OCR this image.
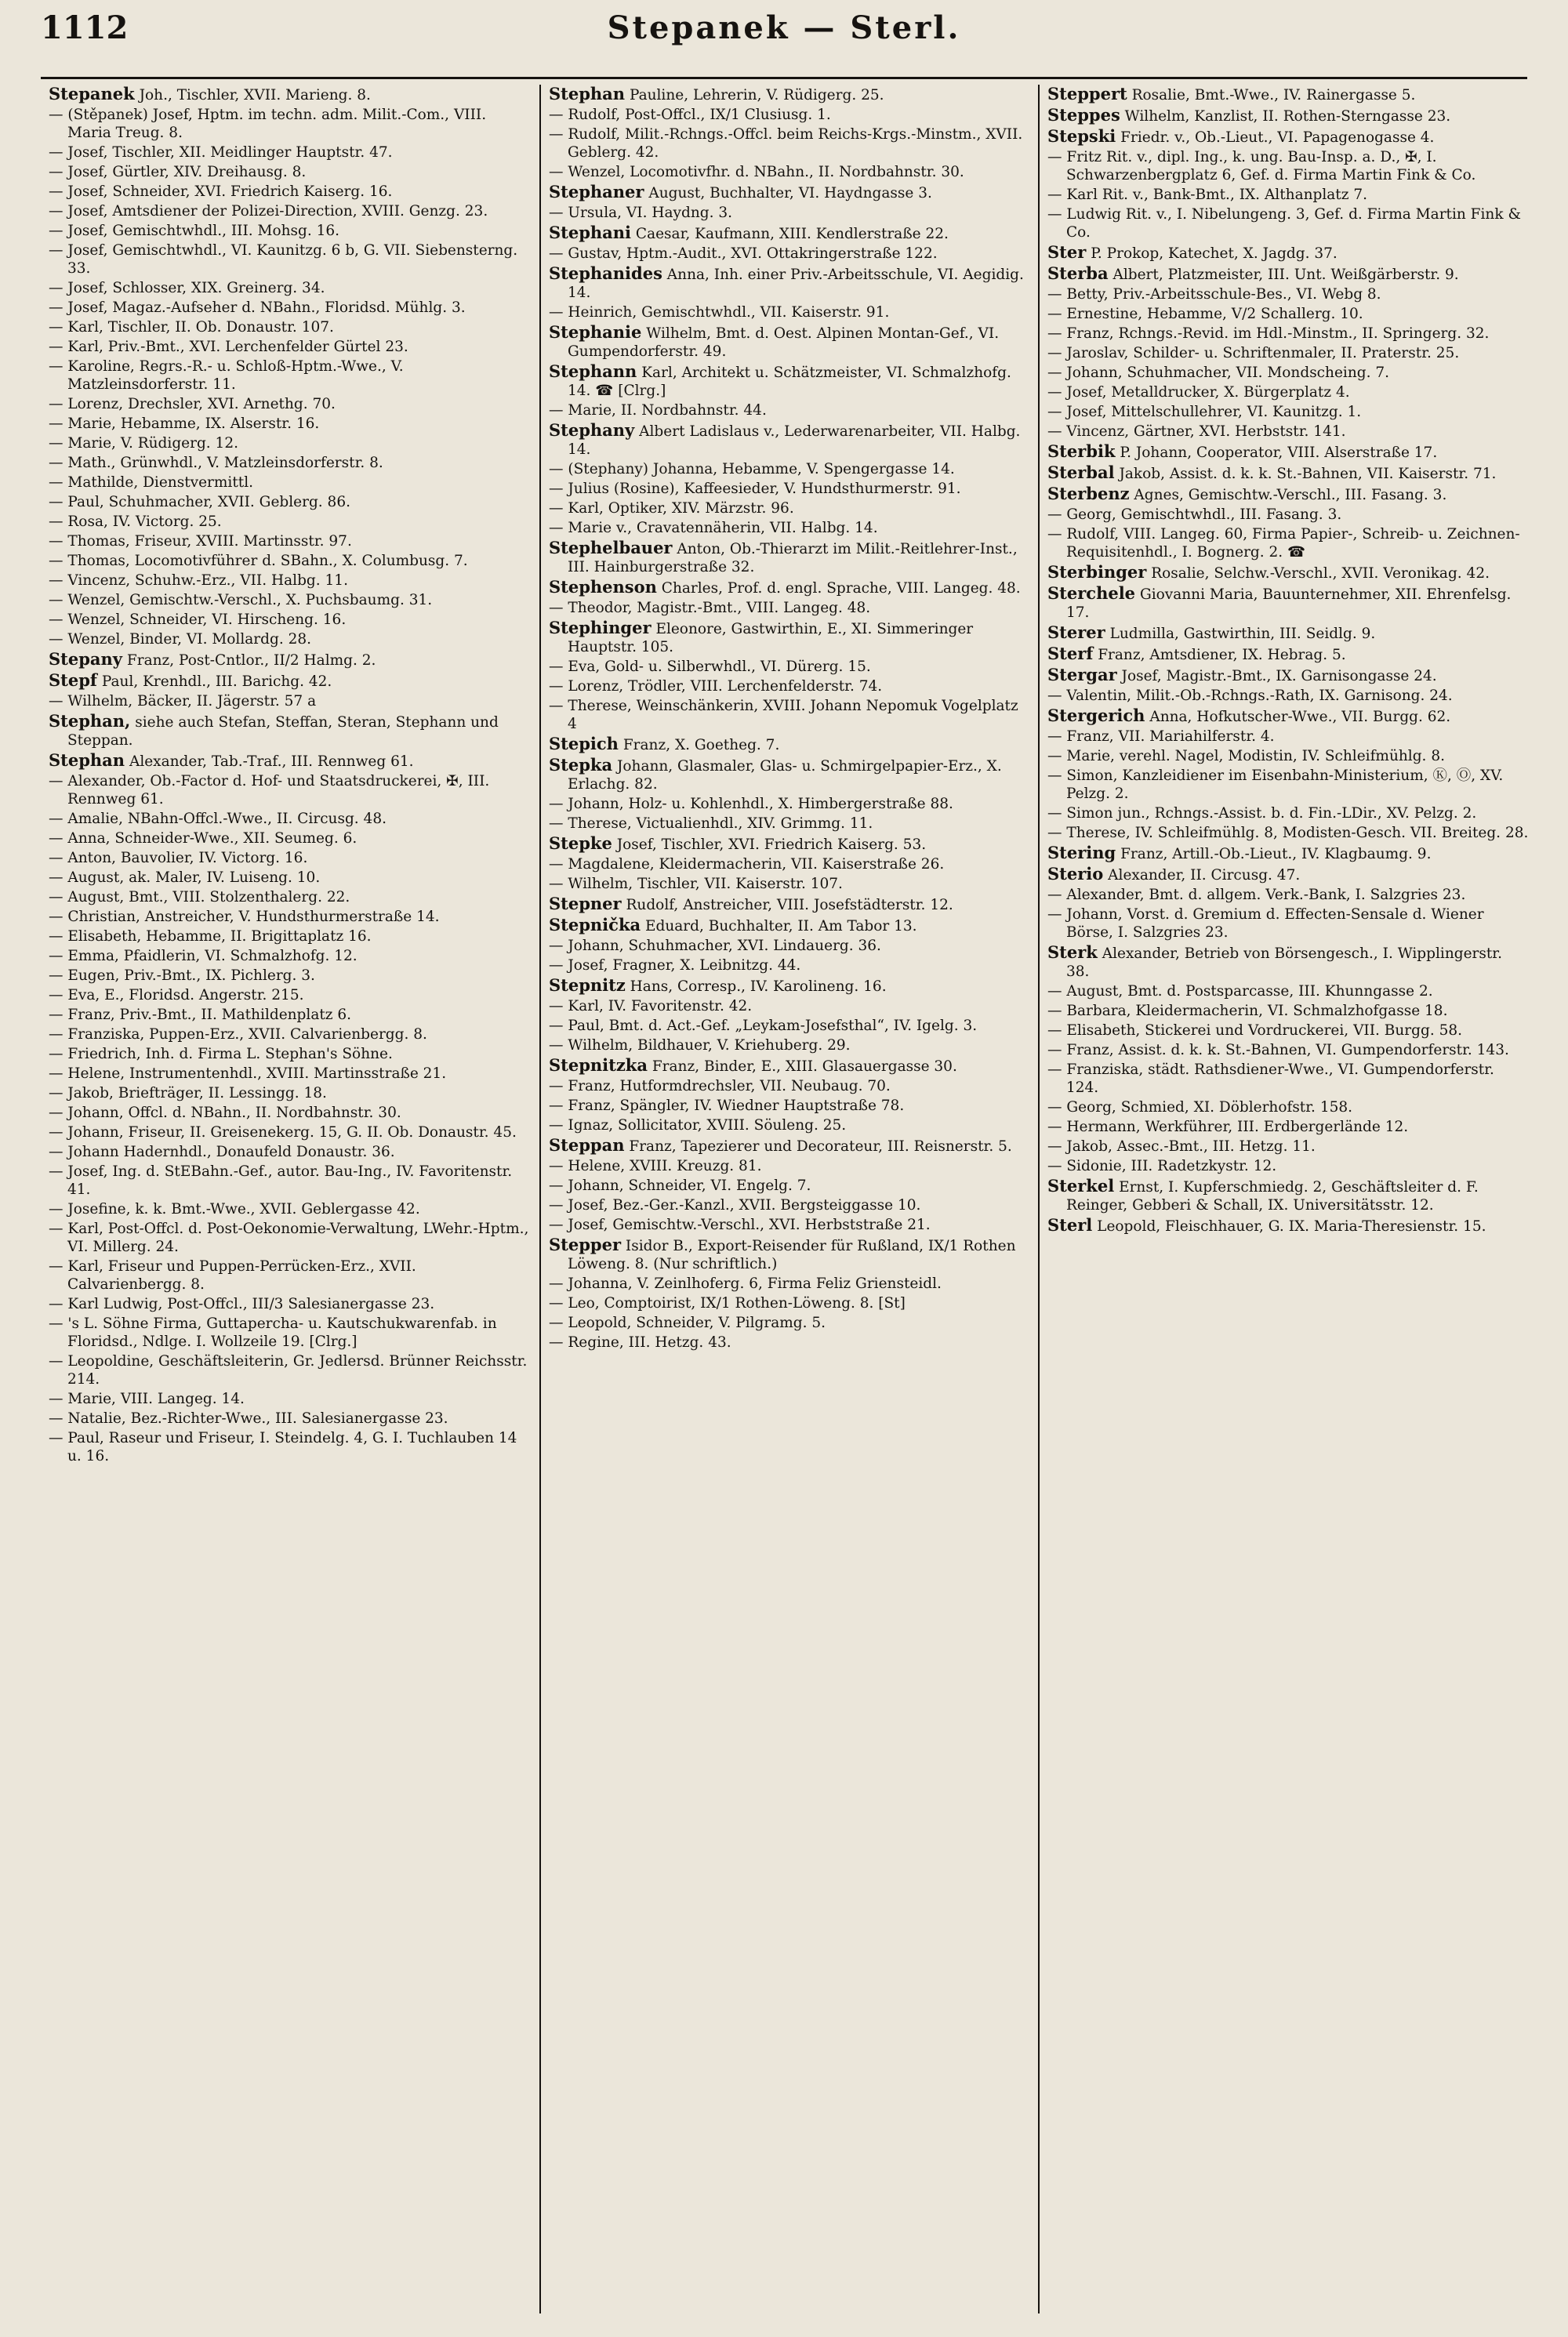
1112	Stepanek — Sterl.

Stepanek Joh., Tischler, XVII. Marieng. 8.

— (Stěpanek) Josef, Hptm. im techn. adm. Milit.-Com., VIII. Maria Treug. 8.

— Josef, Tischler, XII. Meidlinger Hauptstr. 47.

— Josef, Gürtler, XIV. Dreihausg. 8.

— Josef, Schneider, XVI. Friedrich Kaiserg. 16.

— Josef, Amtsdiener der Polizei-Direction, XVIII. Genzg. 23.

— Josef, Gemischtwhdl., III. Mohsg. 16.

— Josef, Gemischtwhdl., VI. Kaunitzg. 6 b, G. VII. Siebensterng. 33.

— Josef, Schlosser, XIX. Greinerg. 34.

— Josef, Magaz.-Aufseher d. NBahn., Floridsd. Mühlg. 3.

— Karl, Tischler, II. Ob. Donaustr. 107.

— Karl, Priv.-Bmt., XVI. Lerchenfelder Gürtel 23.

— Karoline, Regrs.-R.- u. Schloß-Hptm.-Wwe., V. Matzleinsdorferstr. 11.

— Lorenz, Drechsler, XVI. Arnethg. 70.

— Marie, Hebamme, IX. Alserstr. 16.

— Marie, V. Rüdigerg. 12.

— Math., Grünwhdl., V. Matzleinsdorferstr. 8.

— Mathilde, Dienstvermittl.

— Paul, Schuhmacher, XVII. Geblerg. 86.

— Rosa, IV. Victorg. 25.

— Thomas, Friseur, XVIII. Martinsstr. 97.

— Thomas, Locomotivführer d. SBahn., X. Columbusg. 7.

— Vincenz, Schuhw.-Erz., VII. Halbg. 11.

— Wenzel, Gemischtw.-Verschl., X. Puchsbaumg. 31.

— Wenzel, Schneider, VI. Hirscheng. 16.

— Wenzel, Binder, VI. Mollardg. 28.

Stepany Franz, Post-Cntlor., II/2 Halmg. 2.

Stepf Paul, Krenhdl., III. Barichg. 42.

— Wilhelm, Bäcker, II. Jägerstr. 57 a

Stephan, siehe auch Stefan, Steffan, Steran, Stephann und Steppan.

Stephan Alexander, Tab.-Traf., III. Rennweg 61.

— Alexander, Ob.-Factor d. Hof- und Staatsdruckerei, ✠, III. Rennweg 61.

— Amalie, NBahn-Offcl.-Wwe., II. Circusg. 48.

— Anna, Schneider-Wwe., XII. Seumeg. 6.

— Anton, Bauvolier, IV. Victorg. 16.

— August, ak. Maler, IV. Luiseng. 10.

— August, Bmt., VIII. Stolzenthalerg. 22.

— Christian, Anstreicher, V. Hundsthurmerstraße 14.

— Elisabeth, Hebamme, II. Brigittaplatz 16.

— Emma, Pfaidlerin, VI. Schmalzhofg. 12.

— Eugen, Priv.-Bmt., IX. Pichlerg. 3.

— Eva, E., Floridsd. Angerstr. 215.

— Franz, Priv.-Bmt., II. Mathildenplatz 6.

— Franziska, Puppen-Erz., XVII. Calvarienbergg. 8.

— Friedrich, Inh. d. Firma L. Stephan's Söhne.

— Helene, Instrumentenhdl., XVIII. Martinsstraße 21.

— Jakob, Briefträger, II. Lessingg. 18.

— Johann, Offcl. d. NBahn., II. Nordbahnstr. 30.

— Johann, Friseur, II. Greisenekerg. 15, G. II. Ob. Donaustr. 45.

— Johann Hadernhdl., Donaufeld Donaustr. 36.

— Josef, Ing. d. StEBahn.-Gef., autor. Bau-Ing., IV. Favoritenstr. 41.

— Josefine, k. k. Bmt.-Wwe., XVII. Geblergasse 42.

— Karl, Post-Offcl. d. Post-Oekonomie-Verwaltung, LWehr.-Hptm., VI. Millerg. 24.

— Karl, Friseur und Puppen-Perrücken-Erz., XVII. Calvarienbergg. 8.

— Karl Ludwig, Post-Offcl., III/3 Salesianergasse 23.

— 's L. Söhne Firma, Guttapercha- u. Kautschukwarenfab. in Floridsd., Ndlge. I. Wollzeile 19. [Clrg.]

— Leopoldine, Geschäftsleiterin, Gr. Jedlersd. Brünner Reichsstr. 214.

— Marie, VIII. Langeg. 14.

— Natalie, Bez.-Richter-Wwe., III. Salesianergasse 23.

— Paul, Raseur und Friseur, I. Steindelg. 4, G. I. Tuchlauben 14 u. 16.

Stephan Pauline, Lehrerin, V. Rüdigerg. 25.

— Rudolf, Post-Offcl., IX/1 Clusiusg. 1.

— Rudolf, Milit.-Rchngs.-Offcl. beim Reichs-Krgs.-Minstm., XVII. Geblerg. 42.

— Wenzel, Locomotivfhr. d. NBahn., II. Nordbahnstr. 30.

Stephaner August, Buchhalter, VI. Haydngasse 3.

— Ursula, VI. Haydng. 3.

Stephani Caesar, Kaufmann, XIII. Kendlerstraße 22.

— Gustav, Hptm.-Audit., XVI. Ottakringerstraße 122.

Stephanides Anna, Inh. einer Priv.-Arbeitsschule, VI. Aegidig. 14.

— Heinrich, Gemischtwhdl., VII. Kaiserstr. 91.

Stephanie Wilhelm, Bmt. d. Oest. Alpinen Montan-Gef., VI. Gumpendorferstr. 49.

Stephann Karl, Architekt u. Schätzmeister, VI. Schmalzhofg. 14. ☎ [Clrg.]

— Marie, II. Nordbahnstr. 44.

Stephany Albert Ladislaus v., Lederwarenarbeiter, VII. Halbg. 14.

— (Stephany) Johanna, Hebamme, V. Spengergasse 14.

— Julius (Rosine), Kaffeesieder, V. Hundsthurmerstr. 91.

— Karl, Optiker, XIV. Märzstr. 96.

— Marie v., Cravatennäherin, VII. Halbg. 14.

Stephelbauer Anton, Ob.-Thierarzt im Milit.-Reitlehrer-Inst., III. Hainburgerstraße 32.

Stephenson Charles, Prof. d. engl. Sprache, VIII. Langeg. 48.

— Theodor, Magistr.-Bmt., VIII. Langeg. 48.

Stephinger Eleonore, Gastwirthin, E., XI. Simmeringer Hauptstr. 105.

— Eva, Gold- u. Silberwhdl., VI. Dürerg. 15.

— Lorenz, Trödler, VIII. Lerchenfelderstr. 74.

— Therese, Weinschänkerin, XVIII. Johann Nepomuk Vogelplatz 4

Stepich Franz, X. Goetheg. 7.

Stepka Johann, Glasmaler, Glas- u. Schmirgelpapier-Erz., X. Erlachg. 82.

— Johann, Holz- u. Kohlenhdl., X. Himbergerstraße 88.

— Therese, Victualienhdl., XIV. Grimmg. 11.

Stepke Josef, Tischler, XVI. Friedrich Kaiserg. 53.

— Magdalene, Kleidermacherin, VII. Kaiserstraße 26.

— Wilhelm, Tischler, VII. Kaiserstr. 107.

Stepner Rudolf, Anstreicher, VIII. Josefstädterstr. 12.

Stepnička Eduard, Buchhalter, II. Am Tabor 13.

— Johann, Schuhmacher, XVI. Lindauerg. 36.

— Josef, Fragner, X. Leibnitzg. 44.

Stepnitz Hans, Corresp., IV. Karolineng. 16.

— Karl, IV. Favoritenstr. 42.

— Paul, Bmt. d. Act.-Gef. „Leykam-Josefsthal“, IV. Igelg. 3.

— Wilhelm, Bildhauer, V. Kriehuberg. 29.

Stepnitzka Franz, Binder, E., XIII. Glasauergasse 30.

— Franz, Hutformdrechsler, VII. Neubaug. 70.

— Franz, Spängler, IV. Wiedner Hauptstraße 78.

— Ignaz, Sollicitator, XVIII. Söuleng. 25.

Steppan Franz, Tapezierer und Decorateur, III. Reisnerstr. 5.

— Helene, XVIII. Kreuzg. 81.

— Johann, Schneider, VI. Engelg. 7.

— Josef, Bez.-Ger.-Kanzl., XVII. Bergsteiggasse 10.

— Josef, Gemischtw.-Verschl., XVI. Herbststraße 21.

Stepper Isidor B., Export-Reisender für Rußland, IX/1 Rothen Löweng. 8. (Nur schriftlich.)

— Johanna, V. Zeinlhoferg. 6, Firma Feliz Griensteidl.

— Leo, Comptoirist, IX/1 Rothen-Löweng. 8. [St]

— Leopold, Schneider, V. Pilgramg. 5.

— Regine, III. Hetzg. 43.

Steppert Rosalie, Bmt.-Wwe., IV. Rainergasse 5.

Steppes Wilhelm, Kanzlist, II. Rothen-Sterngasse 23.

Stepski Friedr. v., Ob.-Lieut., VI. Papagenogasse 4.

— Fritz Rit. v., dipl. Ing., k. ung. Bau-Insp. a. D., ✠, I. Schwarzenbergplatz 6, Gef. d. Firma Martin Fink & Co.

— Karl Rit. v., Bank-Bmt., IX. Althanplatz 7.

— Ludwig Rit. v., I. Nibelungeng. 3, Gef. d. Firma Martin Fink & Co.

Ster P. Prokop, Katechet, X. Jagdg. 37.

Sterba Albert, Platzmeister, III. Unt. Weißgärberstr. 9.

— Betty, Priv.-Arbeitsschule-Bes., VI. Webg 8.

— Ernestine, Hebamme, V/2 Schallerg. 10.

— Franz, Rchngs.-Revid. im Hdl.-Minstm., II. Springerg. 32.

— Jaroslav, Schilder- u. Schriftenmaler, II. Praterstr. 25.

— Johann, Schuhmacher, VII. Mondscheing. 7.

— Josef, Metalldrucker, X. Bürgerplatz 4.

— Josef, Mittelschullehrer, VI. Kaunitzg. 1.

— Vincenz, Gärtner, XVI. Herbststr. 141.

Sterbik P. Johann, Cooperator, VIII. Alserstraße 17.

Sterbal Jakob, Assist. d. k. k. St.-Bahnen, VII. Kaiserstr. 71.

Sterbenz Agnes, Gemischtw.-Verschl., III. Fasang. 3.

— Georg, Gemischtwhdl., III. Fasang. 3.

— Rudolf, VIII. Langeg. 60, Firma Papier-, Schreib- u. Zeichnen-Requisitenhdl., I. Bognerg. 2. ☎

Sterbinger Rosalie, Selchw.-Verschl., XVII. Veronikag. 42.

Sterchele Giovanni Maria, Bauunternehmer, XII. Ehrenfelsg. 17.

Sterer Ludmilla, Gastwirthin, III. Seidlg. 9.

Sterf Franz, Amtsdiener, IX. Hebrag. 5.

Stergar Josef, Magistr.-Bmt., IX. Garnisongasse 24.

— Valentin, Milit.-Ob.-Rchngs.-Rath, IX. Garnisong. 24.

Stergerich Anna, Hofkutscher-Wwe., VII. Burgg. 62.

— Franz, VII. Mariahilferstr. 4.

— Marie, verehl. Nagel, Modistin, IV. Schleifmühlg. 8.

— Simon, Kanzleidiener im Eisenbahn-Ministerium, Ⓚ, Ⓞ, XV. Pelzg. 2.

— Simon jun., Rchngs.-Assist. b. d. Fin.-LDir., XV. Pelzg. 2.

— Therese, IV. Schleifmühlg. 8, Modisten-Gesch. VII. Breiteg. 28.

Stering Franz, Artill.-Ob.-Lieut., IV. Klagbaumg. 9.

Sterio Alexander, II. Circusg. 47.

— Alexander, Bmt. d. allgem. Verk.-Bank, I. Salzgries 23.

— Johann, Vorst. d. Gremium d. Effecten-Sensale d. Wiener Börse, I. Salzgries 23.

Sterk Alexander, Betrieb von Börsengesch., I. Wipplingerstr. 38.

— August, Bmt. d. Postsparcasse, III. Khunngasse 2.

— Barbara, Kleidermacherin, VI. Schmalzhofgasse 18.

— Elisabeth, Stickerei und Vordruckerei, VII. Burgg. 58.

— Franz, Assist. d. k. k. St.-Bahnen, VI. Gumpendorferstr. 143.

— Franziska, städt. Rathsdiener-Wwe., VI. Gumpendorferstr. 124.

— Georg, Schmied, XI. Döblerhofstr. 158.

— Hermann, Werkführer, III. Erdbergerlände 12.

— Jakob, Assec.-Bmt., III. Hetzg. 11.

— Sidonie, III. Radetzkystr. 12.

Sterkel Ernst, I. Kupferschmiedg. 2, Geschäftsleiter d. F. Reinger, Gebberi & Schall, IX. Universitätsstr. 12.

Sterl Leopold, Fleischhauer, G. IX. Maria-Theresienstr. 15.
